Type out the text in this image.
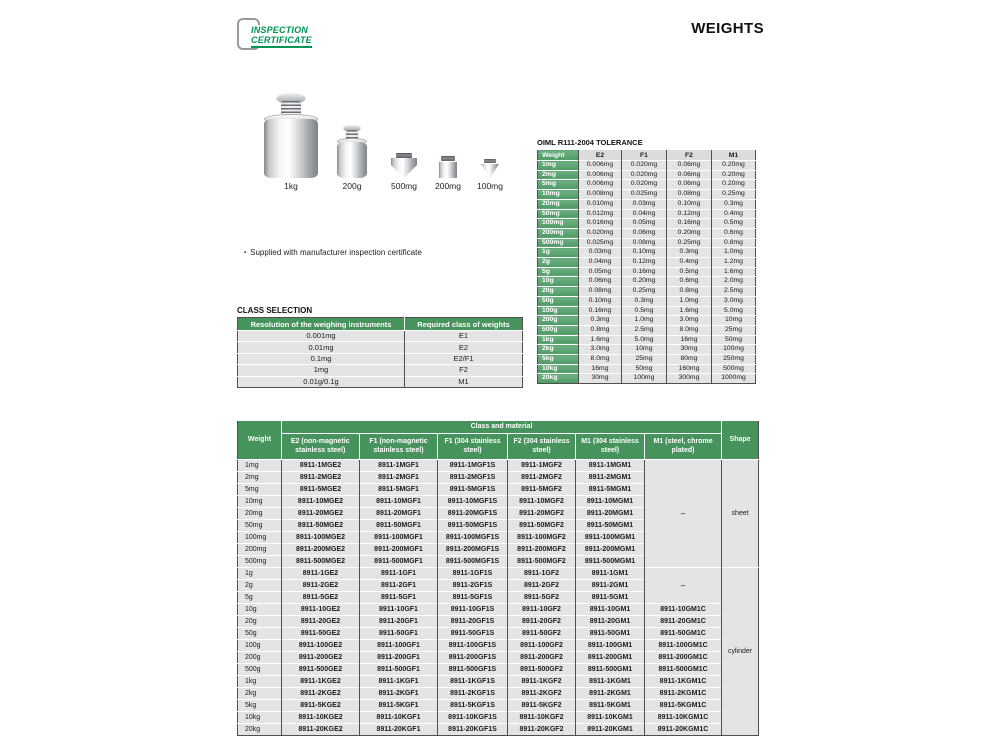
INSPECTION
CERTIFICATE
WEIGHTS
1kg	200g	500mg	200mg	100mg
▪ Supplied with manufacturer inspection certificate
CLASS SELECTION
Resolution of the weighing instruments	Required class of weights
0.001mg	E1
0.01mg	E2
0.1mg	E2/F1
1mg	F2
0.01g/0.1g	M1
OIML R111-2004 TOLERANCE
Weight	E2	F1	F2	M1
1mg	0.006mg	0.020mg	0.06mg	0.20mg
2mg	0.006mg	0.020mg	0.06mg	0.20mg
5mg	0.006mg	0.020mg	0.06mg	0.20mg
10mg	0.008mg	0.025mg	0.08mg	0.25mg
20mg	0.010mg	0.03mg	0.10mg	0.3mg
50mg	0.012mg	0.04mg	0.12mg	0.4mg
100mg	0.016mg	0.05mg	0.16mg	0.5mg
200mg	0.020mg	0.06mg	0.20mg	0.6mg
500mg	0.025mg	0.08mg	0.25mg	0.8mg
1g	0.03mg	0.10mg	0.3mg	1.0mg
2g	0.04mg	0.12mg	0.4mg	1.2mg
5g	0.05mg	0.16mg	0.5mg	1.6mg
10g	0.06mg	0.20mg	0.6mg	2.0mg
20g	0.08mg	0.25mg	0.8mg	2.5mg
50g	0.10mg	0.3mg	1.0mg	3.0mg
100g	0.16mg	0.5mg	1.6mg	5.0mg
200g	0.3mg	1.0mg	3.0mg	10mg
500g	0.8mg	2.5mg	8.0mg	25mg
1kg	1.6mg	5.0mg	16mg	50mg
2kg	3.0mg	10mg	30mg	100mg
5kg	8.0mg	25mg	80mg	250mg
10kg	16mg	50mg	160mg	500mg
20kg	30mg	100mg	300mg	1000mg
Weight	Class and material						Shape
	E2 (non-magnetic stainless steel)	F1 (non-magnetic stainless steel)	F1 (304 stainless steel)	F2 (304 stainless steel)	M1 (304 stainless steel)	M1 (steel, chrome plated)	
1mg	8911-1MGE2	8911-1MGF1	8911-1MGF1S	8911-1MGF2	8911-1MGM1	–	sheet
2mg	8911-2MGE2	8911-2MGF1	8911-2MGF1S	8911-2MGF2	8911-2MGM1		
5mg	8911-5MGE2	8911-5MGF1	8911-5MGF1S	8911-5MGF2	8911-5MGM1		
10mg	8911-10MGE2	8911-10MGF1	8911-10MGF1S	8911-10MGF2	8911-10MGM1		
20mg	8911-20MGE2	8911-20MGF1	8911-20MGF1S	8911-20MGF2	8911-20MGM1		
50mg	8911-50MGE2	8911-50MGF1	8911-50MGF1S	8911-50MGF2	8911-50MGM1		
100mg	8911-100MGE2	8911-100MGF1	8911-100MGF1S	8911-100MGF2	8911-100MGM1		
200mg	8911-200MGE2	8911-200MGF1	8911-200MGF1S	8911-200MGF2	8911-200MGM1		
500mg	8911-500MGE2	8911-500MGF1	8911-500MGF1S	8911-500MGF2	8911-500MGM1		
1g	8911-1GE2	8911-1GF1	8911-1GF1S	8911-1GF2	8911-1GM1	–	cylinder
2g	8911-2GE2	8911-2GF1	8911-2GF1S	8911-2GF2	8911-2GM1		
5g	8911-5GE2	8911-5GF1	8911-5GF1S	8911-5GF2	8911-5GM1		
10g	8911-10GE2	8911-10GF1	8911-10GF1S	8911-10GF2	8911-10GM1	8911-10GM1C	
20g	8911-20GE2	8911-20GF1	8911-20GF1S	8911-20GF2	8911-20GM1	8911-20GM1C	
50g	8911-50GE2	8911-50GF1	8911-50GF1S	8911-50GF2	8911-50GM1	8911-50GM1C	
100g	8911-100GE2	8911-100GF1	8911-100GF1S	8911-100GF2	8911-100GM1	8911-100GM1C	
200g	8911-200GE2	8911-200GF1	8911-200GF1S	8911-200GF2	8911-200GM1	8911-200GM1C	
500g	8911-500GE2	8911-500GF1	8911-500GF1S	8911-500GF2	8911-500GM1	8911-500GM1C	
1kg	8911-1KGE2	8911-1KGF1	8911-1KGF1S	8911-1KGF2	8911-1KGM1	8911-1KGM1C	
2kg	8911-2KGE2	8911-2KGF1	8911-2KGF1S	8911-2KGF2	8911-2KGM1	8911-2KGM1C	
5kg	8911-5KGE2	8911-5KGF1	8911-5KGF1S	8911-5KGF2	8911-5KGM1	8911-5KGM1C	
10kg	8911-10KGE2	8911-10KGF1	8911-10KGF1S	8911-10KGF2	8911-10KGM1	8911-10KGM1C	
20kg	8911-20KGE2	8911-20KGF1	8911-20KGF1S	8911-20KGF2	8911-20KGM1	8911-20KGM1C	
